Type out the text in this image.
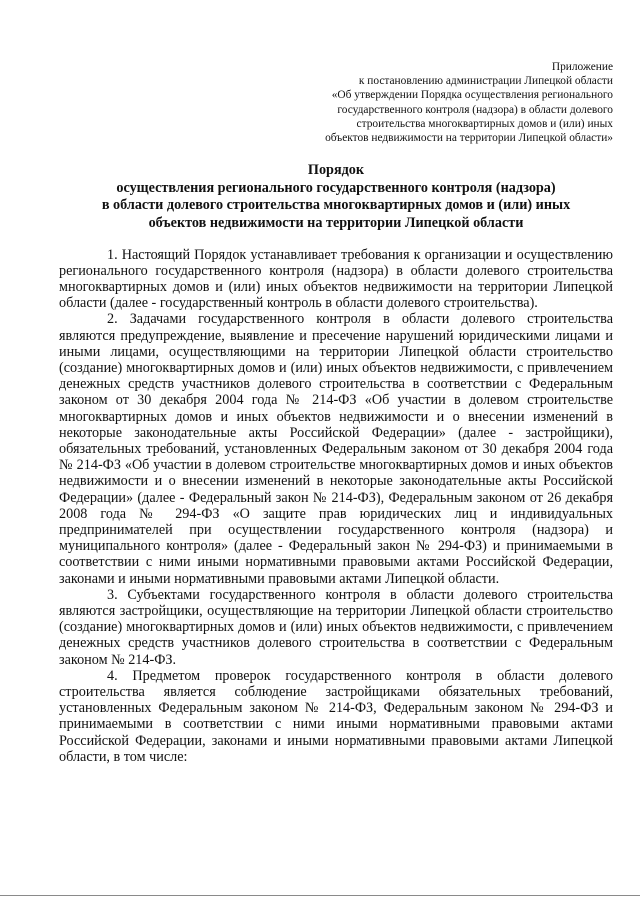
Приложение
к постановлению администрации Липецкой области
«Об утверждении Порядка осуществления регионального
государственного контроля (надзора) в области долевого
строительства многоквартирных домов и (или) иных
объектов недвижимости на территории Липецкой области»
Порядок
осуществления регионального государственного контроля (надзора)
в области долевого строительства многоквартирных домов и (или) иных
объектов недвижимости на территории Липецкой области

1. Настоящий Порядок устанавливает требования к организации и осуществлению регионального государственного контроля (надзора) в области долевого строительства многоквартирных домов и (или) иных объектов недвижимости на территории Липецкой области (далее - государственный контроль в области долевого строительства).

2. Задачами государственного контроля в области долевого строительства являются предупреждение, выявление и пресечение нарушений юридическими лицами и иными лицами, осуществляющими на территории Липецкой области строительство (создание) многоквартирных домов и (или) иных объектов недвижимости, с привлечением денежных средств участников долевого строительства в соответствии с Федеральным законом от 30 декабря 2004 года № 214-ФЗ «Об участии в долевом строительстве многоквартирных домов и иных объектов недвижимости и о внесении изменений в некоторые законодательные акты Российской Федерации» (далее - застройщики), обязательных требований, установленных Федеральным законом от 30 декабря 2004 года № 214-ФЗ «Об участии в долевом строительстве многоквартирных домов и иных объектов недвижимости и о внесении изменений в некоторые законодательные акты Российской Федерации» (далее - Федеральный закон № 214-ФЗ), Федеральным законом от 26 декабря 2008 года № 294-ФЗ «О защите прав юридических лиц и индивидуальных предпринимателей при осуществлении государственного контроля (надзора) и муниципального контроля» (далее - Федеральный закон № 294-ФЗ) и принимаемыми в соответствии с ними иными нормативными правовыми актами Российской Федерации, законами и иными нормативными правовыми актами Липецкой области.

3. Субъектами государственного контроля в области долевого строительства являются застройщики, осуществляющие на территории Липецкой области строительство (создание) многоквартирных домов и (или) иных объектов недвижимости, с привлечением денежных средств участников долевого строительства в соответствии с Федеральным законом № 214-ФЗ.

4. Предметом проверок государственного контроля в области долевого строительства является соблюдение застройщиками обязательных требований, установленных Федеральным законом № 214-ФЗ, Федеральным законом № 294-ФЗ и принимаемыми в соответствии с ними иными нормативными правовыми актами Российской Федерации, законами и иными нормативными правовыми актами Липецкой области, в том числе:
